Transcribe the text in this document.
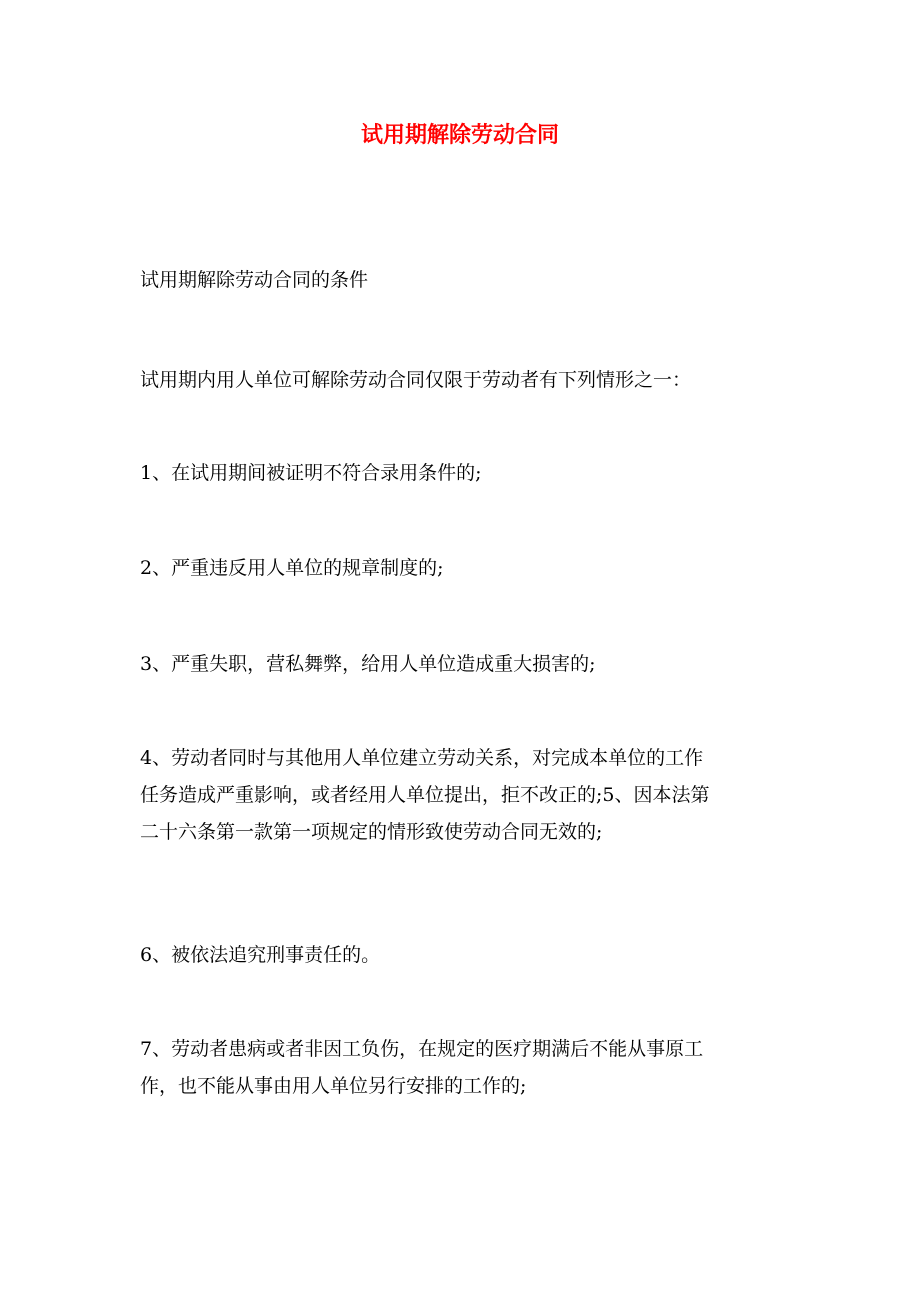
试用期解除劳动合同
试用期解除劳动合同的条件
试用期内用人单位可解除劳动合同仅限于劳动者有下列情形之一：
1、在试用期间被证明不符合录用条件的;
2、严重违反用人单位的规章制度的;
3、严重失职，营私舞弊，给用人单位造成重大损害的;
4、劳动者同时与其他用人单位建立劳动关系，对完成本单位的工作
任务造成严重影响，或者经用人单位提出，拒不改正的;5、因本法第
二十六条第一款第一项规定的情形致使劳动合同无效的;
6、被依法追究刑事责任的。
7、劳动者患病或者非因工负伤，在规定的医疗期满后不能从事原工
作，也不能从事由用人单位另行安排的工作的;
